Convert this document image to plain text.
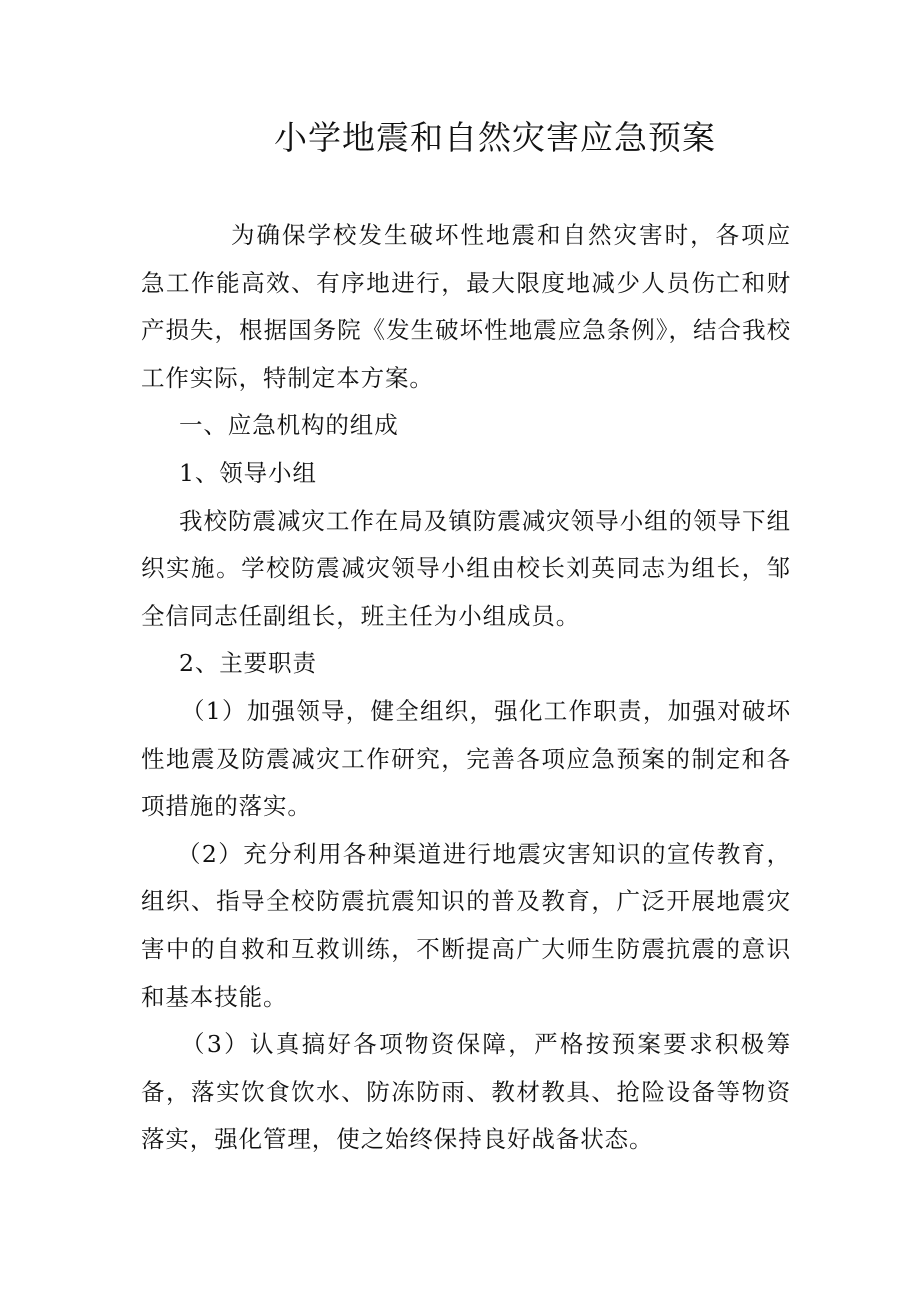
小学地震和自然灾害应急预案

为确保学校发生破坏性地震和自然灾害时，各项应急工作能高效、有序地进行，最大限度地减少人员伤亡和财产损失，根据国务院《发生破坏性地震应急条例》，结合我校工作实际，特制定本方案。

一、应急机构的组成

1、领导小组

我校防震减灾工作在局及镇防震减灾领导小组的领导下组织实施。学校防震减灾领导小组由校长刘英同志为组长，邹全信同志任副组长，班主任为小组成员。

2、主要职责

（1）加强领导，健全组织，强化工作职责，加强对破坏性地震及防震减灾工作研究，完善各项应急预案的制定和各项措施的落实。

（2）充分利用各种渠道进行地震灾害知识的宣传教育，组织、指导全校防震抗震知识的普及教育，广泛开展地震灾害中的自救和互救训练，不断提高广大师生防震抗震的意识和基本技能。

（3）认真搞好各项物资保障，严格按预案要求积极筹备，落实饮食饮水、防冻防雨、教材教具、抢险设备等物资落实，强化管理，使之始终保持良好战备状态。
